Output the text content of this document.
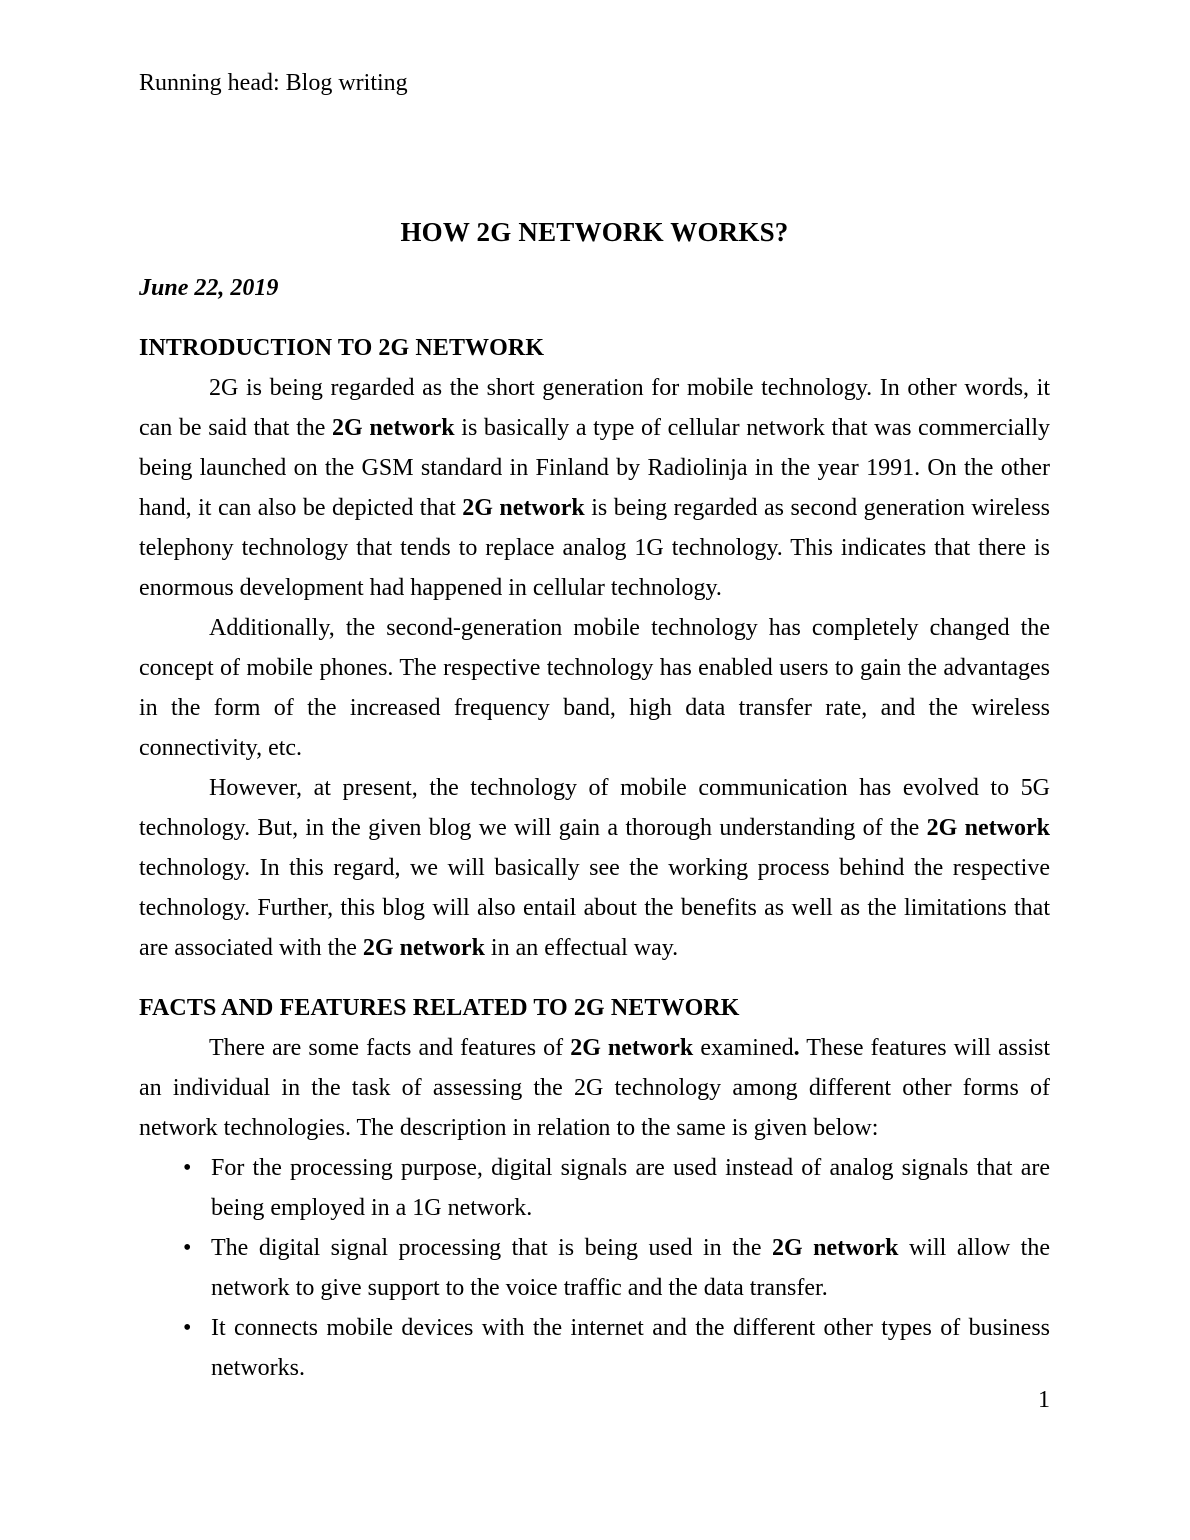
Running head: Blog writing
HOW 2G NETWORK WORKS?
June 22, 2019
INTRODUCTION TO 2G NETWORK

2G is being regarded as the short generation for mobile technology. In other words, it can be said that the 2G network is basically a type of cellular network that was commercially being launched on the GSM standard in Finland by Radiolinja in the year 1991. On the other hand, it can also be depicted that 2G network is being regarded as second generation wireless telephony technology that tends to replace analog 1G technology. This indicates that there is enormous development had happened in cellular technology.

Additionally, the second-generation mobile technology has completely changed the concept of mobile phones. The respective technology has enabled users to gain the advantages in the form of the increased frequency band, high data transfer rate, and the wireless connectivity, etc.

However, at present, the technology of mobile communication has evolved to 5G technology. But, in the given blog we will gain a thorough understanding of the 2G network technology. In this regard, we will basically see the working process behind the respective technology. Further, this blog will also entail about the benefits as well as the limitations that are associated with the 2G network in an effectual way.

FACTS AND FEATURES RELATED TO 2G NETWORK

There are some facts and features of 2G network examined. These features will assist an individual in the task of assessing the 2G technology among different other forms of network technologies. The description in relation to the same is given below:

• For the processing purpose, digital signals are used instead of analog signals that are being employed in a 1G network.
• The digital signal processing that is being used in the 2G network will allow the network to give support to the voice traffic and the data transfer.
• It connects mobile devices with the internet and the different other types of business networks.
1
